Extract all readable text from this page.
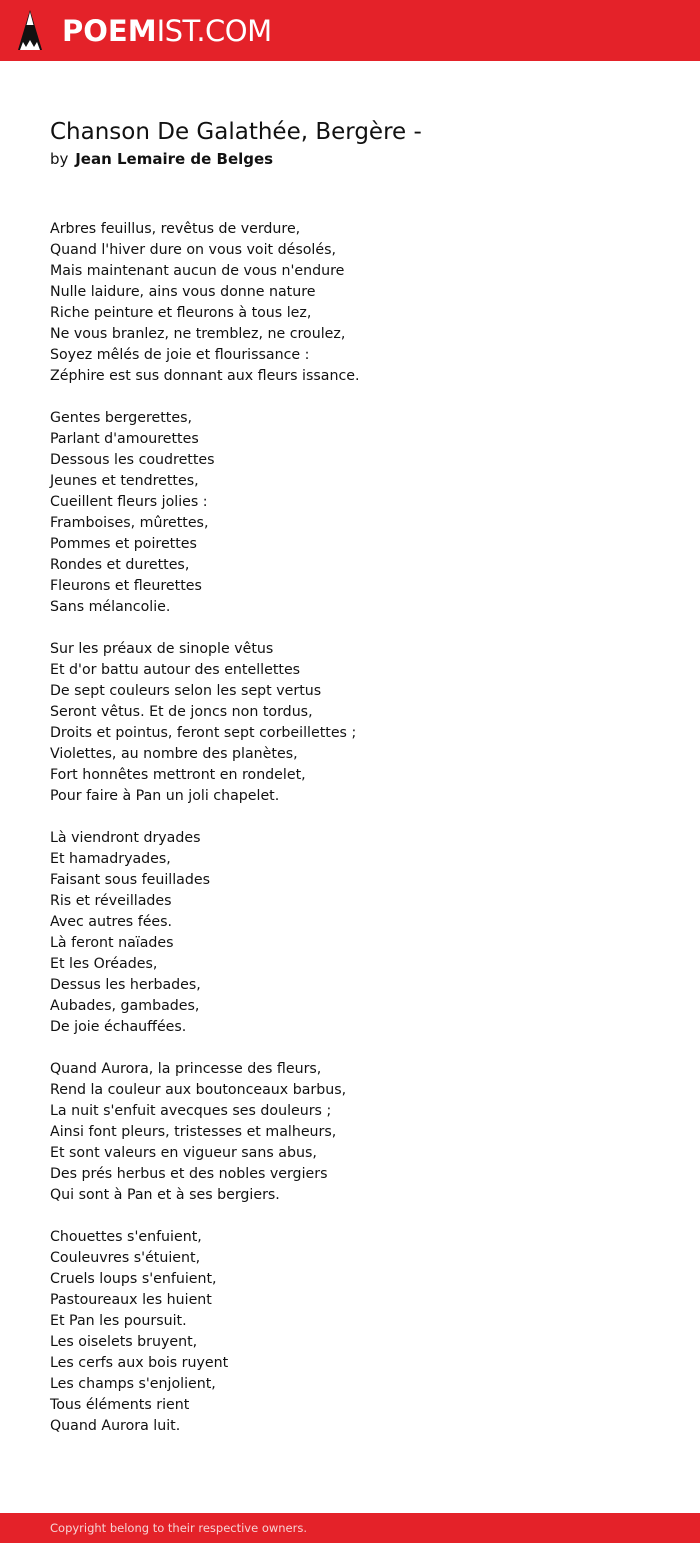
POEMIST.COM
Chanson De Galathée, Bergère -
by Jean Lemaire de Belges
Arbres feuillus, revêtus de verdure,
Quand l'hiver dure on vous voit désolés,
Mais maintenant aucun de vous n'endure
Nulle laidure, ains vous donne nature
Riche peinture et fleurons à tous lez,
Ne vous branlez, ne tremblez, ne croulez,
Soyez mêlés de joie et flourissance :
Zéphire est sus donnant aux fleurs issance.
Gentes bergerettes,
Parlant d'amourettes
Dessous les coudrettes
Jeunes et tendrettes,
Cueillent fleurs jolies :
Framboises, mûrettes,
Pommes et poirettes
Rondes et durettes,
Fleurons et fleurettes
Sans mélancolie.
Sur les préaux de sinople vêtus
Et d'or battu autour des entellettes
De sept couleurs selon les sept vertus
Seront vêtus. Et de joncs non tordus,
Droits et pointus, feront sept corbeillettes ;
Violettes, au nombre des planètes,
Fort honnêtes mettront en rondelet,
Pour faire à Pan un joli chapelet.
Là viendront dryades
Et hamadryades,
Faisant sous feuillades
Ris et réveillades
Avec autres fées.
Là feront naïades
Et les Oréades,
Dessus les herbades,
Aubades, gambades,
De joie échauffées.
Quand Aurora, la princesse des fleurs,
Rend la couleur aux boutonceaux barbus,
La nuit s'enfuit avecques ses douleurs ;
Ainsi font pleurs, tristesses et malheurs,
Et sont valeurs en vigueur sans abus,
Des prés herbus et des nobles vergiers
Qui sont à Pan et à ses bergiers.
Chouettes s'enfuient,
Couleuvres s'étuient,
Cruels loups s'enfuient,
Pastoureaux les huient
Et Pan les poursuit.
Les oiselets bruyent,
Les cerfs aux bois ruyent
Les champs s'enjolient,
Tous éléments rient
Quand Aurora luit.
Copyright belong to their respective owners.
